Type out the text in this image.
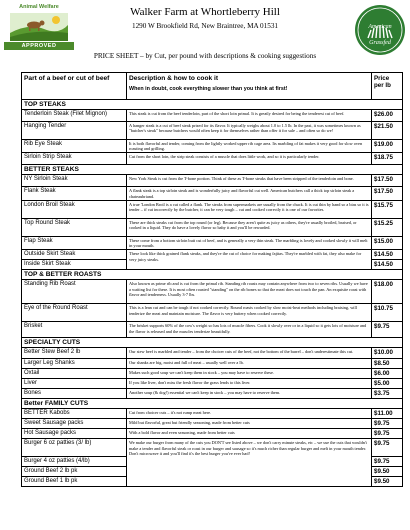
Animal Welfare
APPROVED
Walker Farm at Whortleberry Hill
1290 W Brookfield Rd, New Braintree, MA 01531
PRICE SHEET – by Cut, per pound with descriptions & cooking suggestions
American
Grassfed
Part of a beef or cut of beef	Description & how to cook it
When in doubt, cook everything slower than you think at first!	Price per lb
TOP STEAKS		
Tenderloin Steak (Filet Mignon)	This steak is cut from the beef tenderloin, part of the short loin primal. It is greatly desired for being the tenderest cut of beef.	$26.00
Hanging Tender	A hanger steak is a cut of beef steak prized for its flavor. It typically weighs about 1.0 to 1.5 lb. In the past, it was sometimes known as "butcher's steak" because butchers would often keep it for themselves rather than offer it for sale – and often so do we!	$21.50
Rib Eye Steak	It is both flavorful and tender, coming from the lightly worked upper rib cage area. Its marbling of fat makes it very good for slow oven roasting and grilling.	$19.00
Sirloin Strip Steak	Cut from the short loin, the strip steak consists of a muscle that does little work, and so it is particularly tender.	$18.75
BETTER STEAKS		
NY Sirloin Steak	New York Steak is cut from the T-bone portion. Think of these as T-bone steaks that have been stripped of the tenderloin and bone.	$17.50
Flank Steak	A flank steak is a top sirloin steak and is wonderfully juicy and flavorful cut well. American butchers call a thick top sirloin steak a chateaubriand.	$17.50
London Broil Steak	A true 'London Broil is a cut called a flank. The steaks from supermarkets are usually from the chuck. It is cut thin by hand so a bias so it is tender – if cut incorrectly by the butcher, it can be very tough – cut and cooked correctly it is one of our favorites.	$15.75
Top Round Steak	These are thick steaks cut from the top round (or leg). Because they aren't quite as juicy as others, they're usually broiled, braised, or cooked in a liquid. They do have a lovely flavor so baby it and you'll be rewarded.	$15.25
Flap Steak	These come from a bottom sirloin butt cut of beef, and is generally a very thin steak. The marbling is lovely and cooked slowly it will melt in your mouth.	$15.00
Outside Skirt Steak	These look like thick grained flank steaks, and they're the cut of choice for making fajitas. They're marbled with fat, they also make for very juicy steaks.	$14.50
Inside Skirt Steak		$14.50
TOP & BETTER ROASTS		
Standing Rib Roast	Also known as prime rib and is cut from the primal rib. Standing rib roasts may contain anywhere from two to seven ribs. Usually we have a waiting list for these. It is most often roasted "standing" on the rib bones so that the meat does not touch the pan. An exquisite roast with flavor and tenderness. Usually 3-7 lbs.	$18.00
Eye of the Round Roast	This is a lean cut and can be tough if not cooked correctly. Round roasts cooked by slow moist-heat methods including braising, will tenderize the meat and maintain moisture. The flavor is very buttery when cooked correctly.	$10.75
Brisket	The brisket supports 60% of the cow's weight so has lots of muscle fibers. Cook it slowly over or in a liquid so it gets lots of moisture and the flavor is released and the muscles tenderize beautifully.	$9.75
SPECIALTY CUTS		
Better Stew Beef 2 lb	Our stew beef is marbled and tender – from the choicer cuts of the beef, not the bottom of the barrel – don't underestimate this cut.	$10.00
Larger Leg Shanks	Our shanks are big, moist and full of meat – usually well over a lb.	$8.50
Oxtail	Makes such good soup we can't keep them in stock – you may have to reserve these.	$6.00
Liver	If you like liver, don't miss the fresh flavor the grass lends to this liver.	$5.00
Bones	Another soup (& dog!) essential we can't keep in stock – you may have to reserve them.	$3.75
Better FAMILY CUTS		
BETTER Kabobs	Cut from choicer cuts – it's not rump meat here.	$11.00
Sweet Sausage packs	Mild but flavorful, great but friendly seasoning, made from better cuts	$9.75
Hot Sausage packs	With a bold flavor and even seasoning, made from better cuts	$9.75
Burger 6 oz patties (3/ lb)	We make our burger from many of the cuts you DON'T see listed above – we don't carry minute steaks, etc – we use the cuts that wouldn't make a tender and flavorful steak or roast in our burger and sausage so it's much richer than regular burger and melt in your mouth tender. Don't microwave it and you'll find it's the best burger you've ever had!	$9.75
Burger 4 oz patties (4/lb)		$9.75
Ground Beef 2 lb pk		$9.50
Ground Beef 1 lb pk		$9.50
